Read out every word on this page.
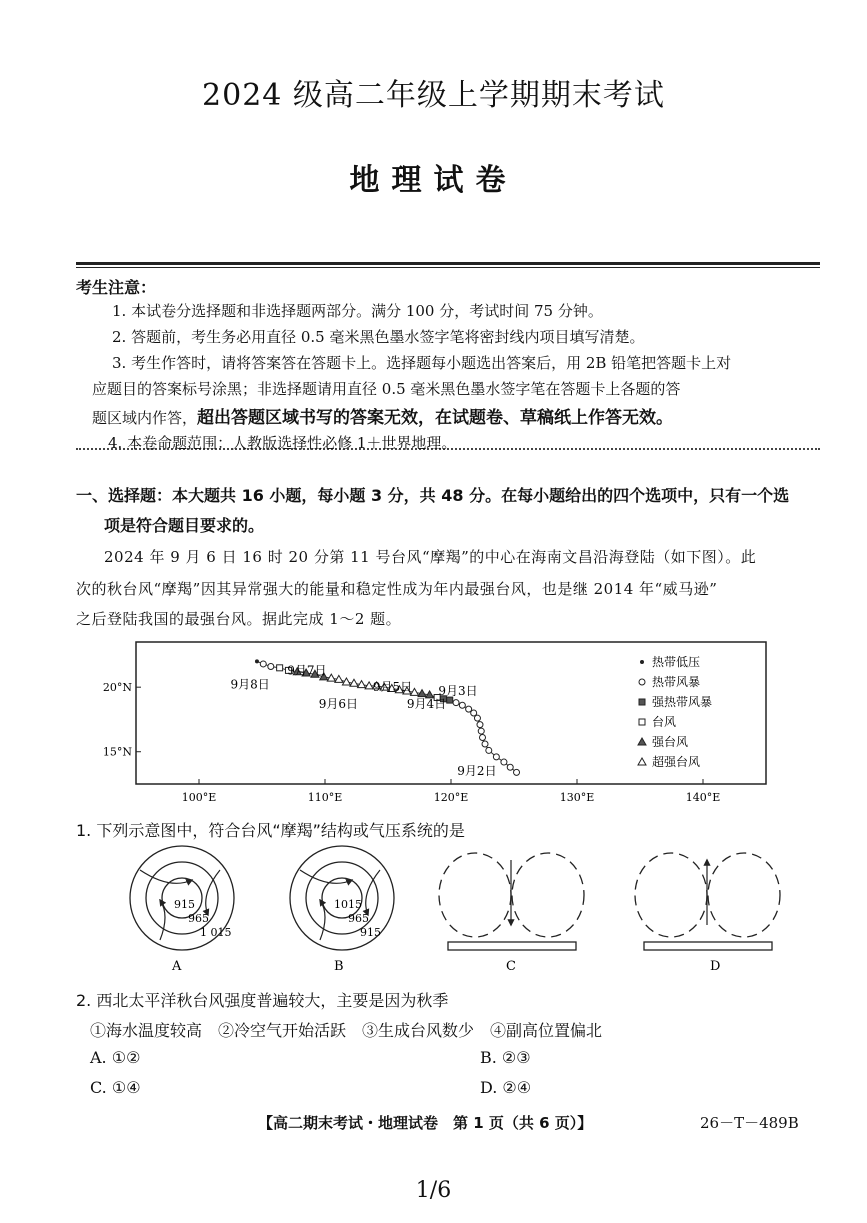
2024 级高二年级上学期期末考试
地理试卷
考生注意：
1. 本试卷分选择题和非选择题两部分。满分 100 分，考试时间 75 分钟。
2. 答题前，考生务必用直径 0.5 毫米黑色墨水签字笔将密封线内项目填写清楚。
3. 考生作答时，请将答案答在答题卡上。选择题每小题选出答案后，用 2B 铅笔把答题卡上对
应题目的答案标号涂黑；非选择题请用直径 0.5 毫米黑色墨水签字笔在答题卡上各题的答
题区域内作答，超出答题区域书写的答案无效，在试题卷、草稿纸上作答无效。
4. 本卷命题范围：人教版选择性必修 1＋世界地理。
一、选择题：本大题共 16 小题，每小题 3 分，共 48 分。在每小题给出的四个选项中，只有一个选
项是符合题目要求的。
2024 年 9 月 6 日 16 时 20 分第 11 号台风“摩羯”的中心在海南文昌沿海登陆（如下图）。此
次的秋台风“摩羯”因其异常强大的能量和稳定性成为年内最强台风，也是继 2014 年“威马逊”
之后登陆我国的最强台风。据此完成 1～2 题。
100°E	110°E	120°E	130°E	140°E
20°N
15°N
9月2日
9月3日
9月4日
9月5日
9月6日
9月7日
9月8日
热带低压
热带风暴
强热带风暴
台风
强台风
超强台风
1. 下列示意图中，符合台风“摩羯”结构或气压系统的是
915
965
1 015
A
1015
965
915
B	C	D
2. 西北太平洋秋台风强度普遍较大，主要是因为秋季
①海水温度较高　②冷空气开始活跃　③生成台风数少　④副高位置偏北
A. ①②	B. ②③
C. ①④	D. ②④
【高二期末考试・地理试卷　第 1 页（共 6 页）】	26－T－489B
1/6
